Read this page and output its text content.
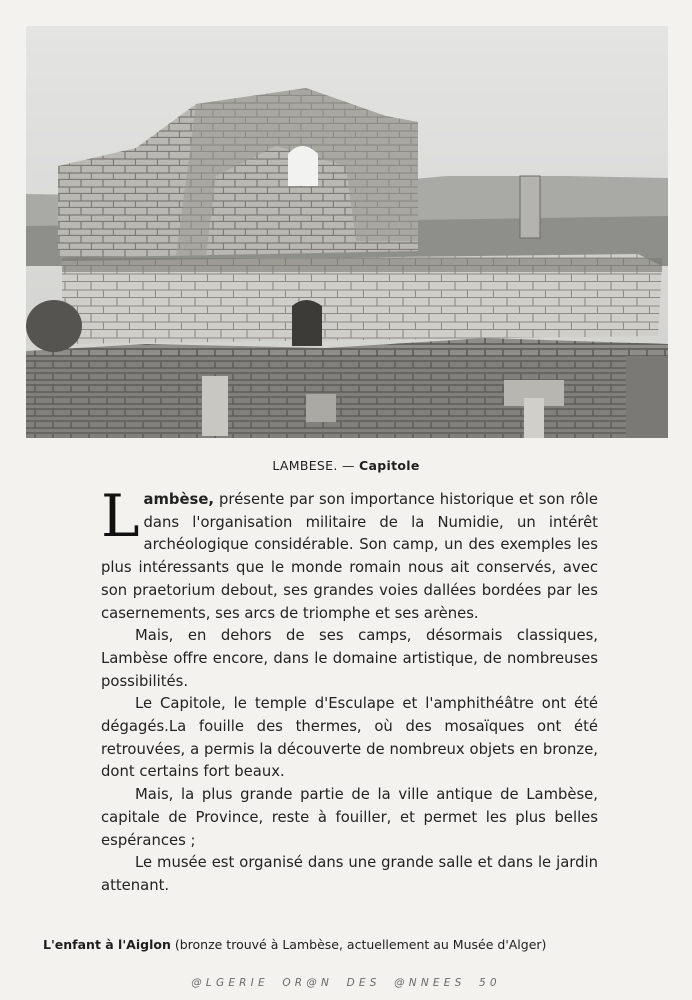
LAMBESE. — Capitole

Lambèse, présente par son importance historique et son rôle dans l'organisation militaire de la Numidie, un intérêt archéologique considérable. Son camp, un des exemples les plus intéressants que le monde romain nous ait conservés, avec son praetorium debout, ses grandes voies dallées bordées par les casernements, ses arcs de triomphe et ses arènes.

Mais, en dehors de ses camps, désormais classiques, Lambèse offre encore, dans le domaine artistique, de nombreuses possibilités.

Le Capitole, le temple d'Esculape et l'amphithéâtre ont été dégagés.La fouille des thermes, où des mosaïques ont été retrouvées, a permis la découverte de nombreux objets en bronze, dont certains fort beaux.

Mais, la plus grande partie de la ville antique de Lambèse, capitale de Province, reste à fouiller, et permet les plus belles espérances ;

Le musée est organisé dans une grande salle et dans le jardin attenant.

L'enfant à l'Aiglon (bronze trouvé à Lambèse, actuellement au Musée d'Alger)
@LGERIE OR@N DES @NNEES 50
